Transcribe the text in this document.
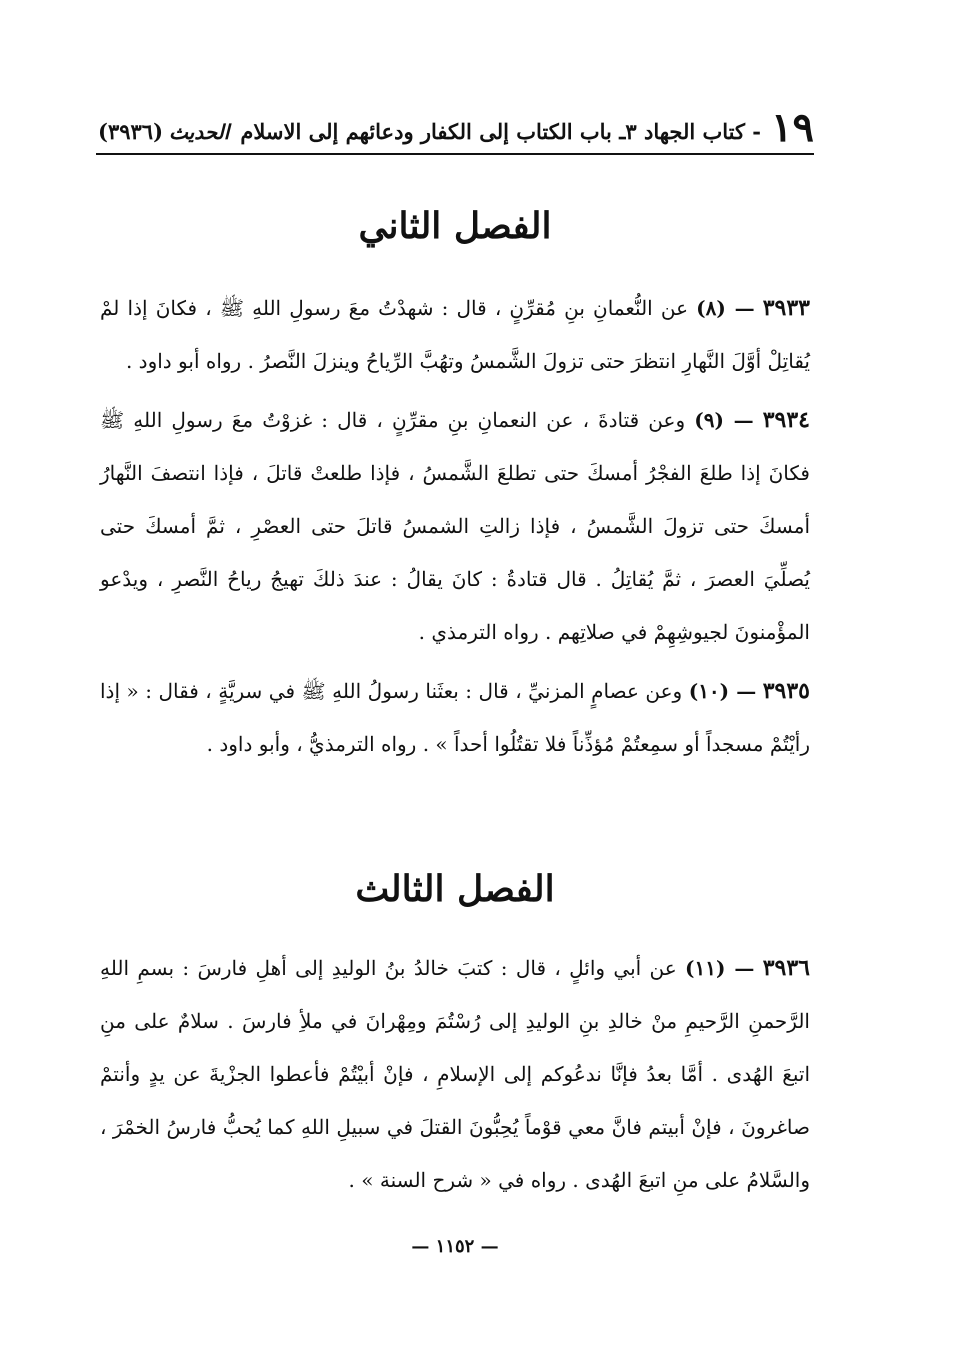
١٩
- كتاب الجهاد ٣ـ باب الكتاب إلى الكفار ودعائهم إلى الاسلام
الحديث
(٣٩٣٦)
الفصل الثاني

٣٩٣٣ — (٨) عن النُّعمانِ بنِ مُقرِّنٍ ، قال : شهدْتُ معَ رسولِ اللهِ ﷺ ، فكانَ إذا لمْ يُقاتِلْ أوَّلَ النَّهارِ انتظرَ حتى تزولَ الشَّمسُ وتهُبَّ الرِّياحُ وينزلَ النَّصرُ . رواه أبو داود .

٣٩٣٤ — (٩) وعن قتادةَ ، عن النعمانِ بنِ مقرِّنٍ ، قال : غزوْتُ معَ رسولِ اللهِ ﷺ فكانَ إذا طلعَ الفجْرُ أمسكَ حتى تطلعَ الشَّمسُ ، فإذا طلعتْ قاتلَ ، فإذا انتصفَ النَّهارُ أمسكَ حتى تزولَ الشَّمسُ ، فإذا زالتِ الشمسُ قاتلَ حتى العصْرِ ، ثمَّ أمسكَ حتى يُصلِّيَ العصرَ ، ثمَّ يُقاتِلُ . قال قتادةُ : كانَ يقالُ : عندَ ذلكَ تهيجُ رياحُ النَّصرِ ، ويدْعو المؤْمنونَ لجيوشِهِمْ في صلاتِهم . رواه الترمذي .

٣٩٣٥ — (١٠) وعن عصامٍ المزنيِّ ، قال : بعثَنا رسولُ اللهِ ﷺ في سريَّةٍ ، فقال : « إذا رأيْتُمْ مسجداً أو سمِعتُمْ مُؤذِّناً فلا تقتُلُوا أحداً » . رواه الترمذيُّ ، وأبو داود .

الفصل الثالث

٣٩٣٦ — (١١) عن أبي وائلٍ ، قال : كتبَ خالدُ بنُ الوليدِ إلى أهلِ فارسَ : بسمِ اللهِ الرَّحمنِ الرَّحيمِ منْ خالدِ بنِ الوليدِ إلى رُسْتُمَ ومِهْرانَ في ملأِ فارسَ . سلامٌ على منِ اتبعَ الهُدى . أمَّا بعدُ فإنَّا ندعُوكم إلى الإسلامِ ، فإنْ أبيْتُمْ فأعطوا الجزْيةَ عن يدٍ وأنتمْ صاغرونَ ، فإنْ أبيتم فانَّ معي قوْماً يُحِبُّونَ القتلَ في سبيلِ اللهِ كما يُحبُّ فارسُ الخمْرَ ، والسَّلامُ على منِ اتبعَ الهُدى . رواه في « شرح السنة » .

— ١١٥٢ —
